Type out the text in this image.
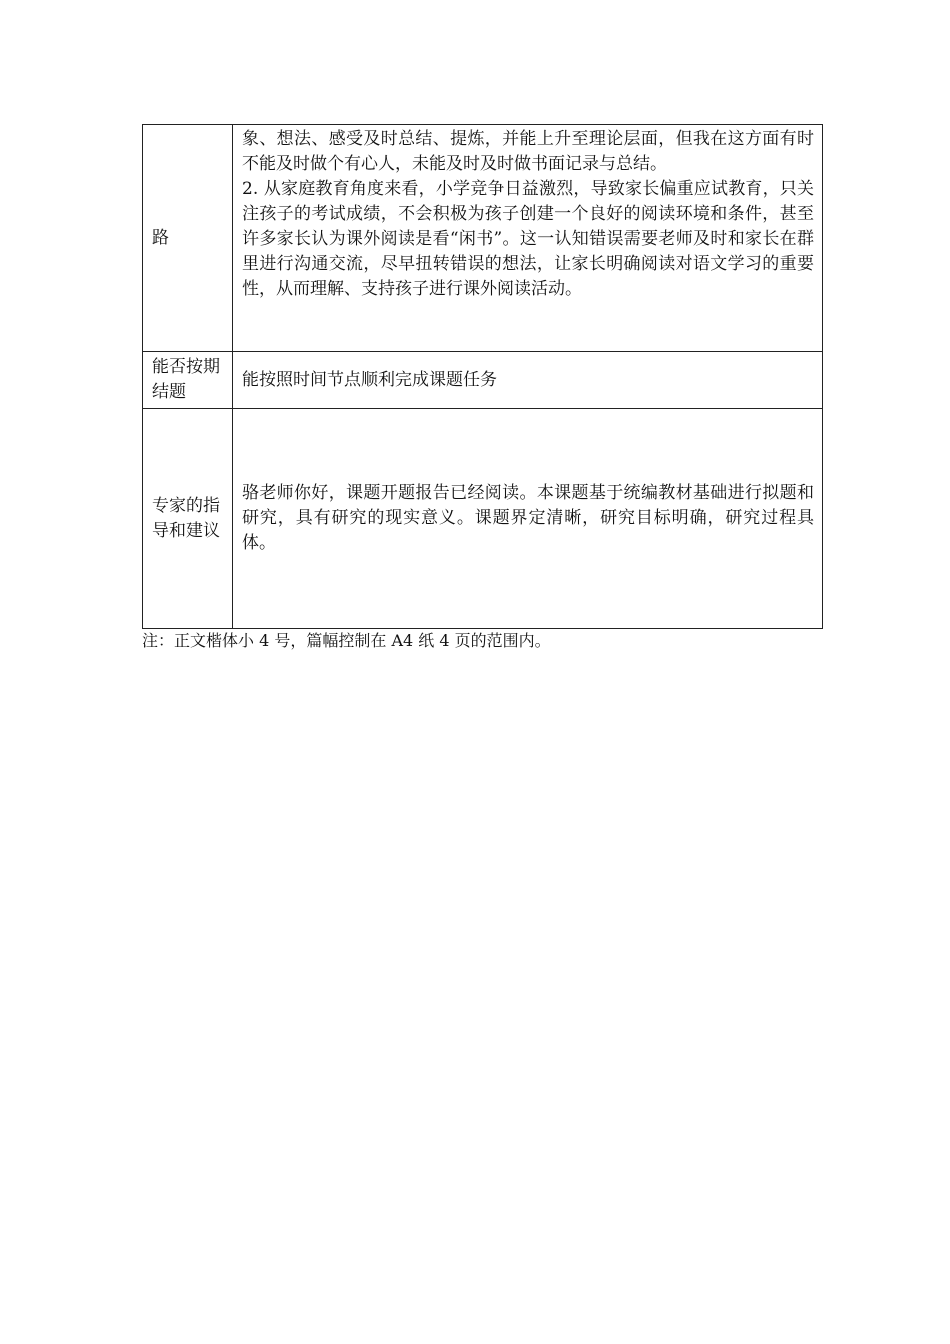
路	象、想法、感受及时总结、提炼，并能上升至理论层面，但我在这方面有时不能及时做个有心人，未能及时及时做书面记录与总结。

2. 从家庭教育角度来看，小学竞争日益激烈，导致家长偏重应试教育，只关注孩子的考试成绩，不会积极为孩子创建一个良好的阅读环境和条件，甚至许多家长认为课外阅读是看“闲书”。这一认知错误需要老师及时和家长在群里进行沟通交流，尽早扭转错误的想法，让家长明确阅读对语文学习的重要性，从而理解、支持孩子进行课外阅读活动。

能否按期结题	能按照时间节点顺利完成课题任务

专家的指导和建议	骆老师你好，课题开题报告已经阅读。本课题基于统编教材基础进行拟题和研究，具有研究的现实意义。课题界定清晰，研究目标明确，研究过程具体。

注：正文楷体小 4 号，篇幅控制在 A4 纸 4 页的范围内。
